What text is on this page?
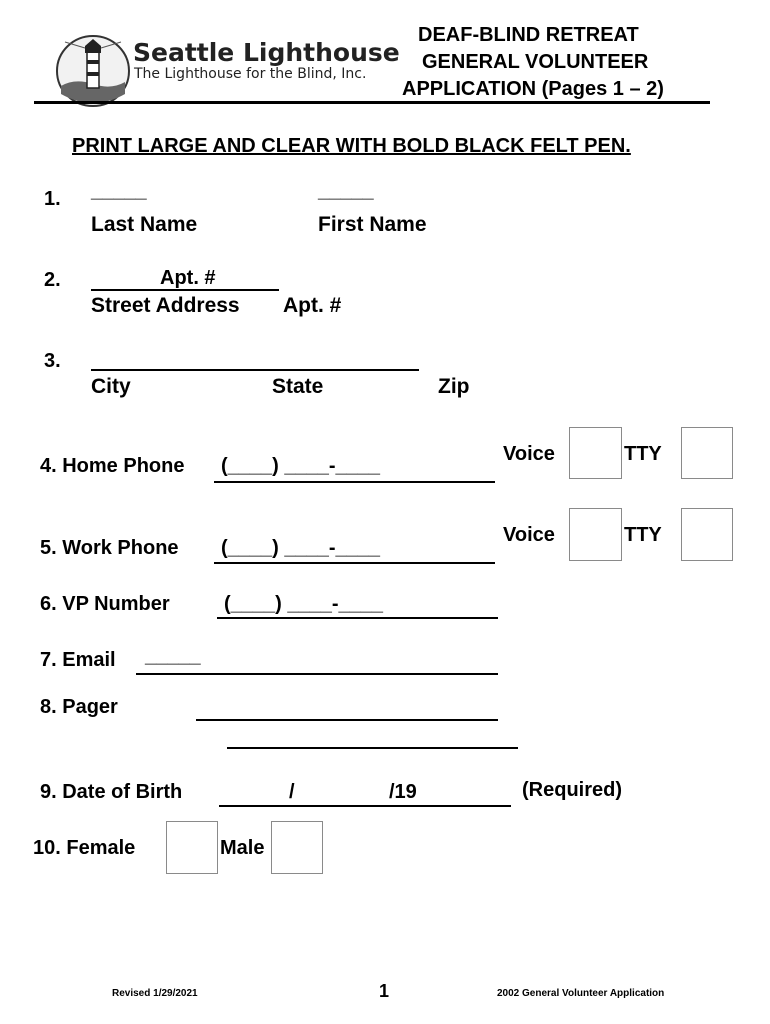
Seattle Lighthouse
The Lighthouse for the Blind, Inc.
DEAF-BLIND RETREAT
GENERAL VOLUNTEER
APPLICATION (Pages 1 – 2)
PRINT LARGE AND CLEAR WITH BOLD BLACK FELT PEN.
1. _____	_____
Last Name	First Name
2.	Apt. #
Street Address Apt. #
3.
City	State	Zip
4. Home Phone (____) ____-____
Voice	TTY
5. Work Phone (____) ____-____
Voice	TTY
6. VP Number	(____) ____-____
7. Email _____
8. Pager
9. Date of Birth	/	/19	(Required)
10. Female	Male
Revised 1/29/2021	1	2002 General Volunteer Application
